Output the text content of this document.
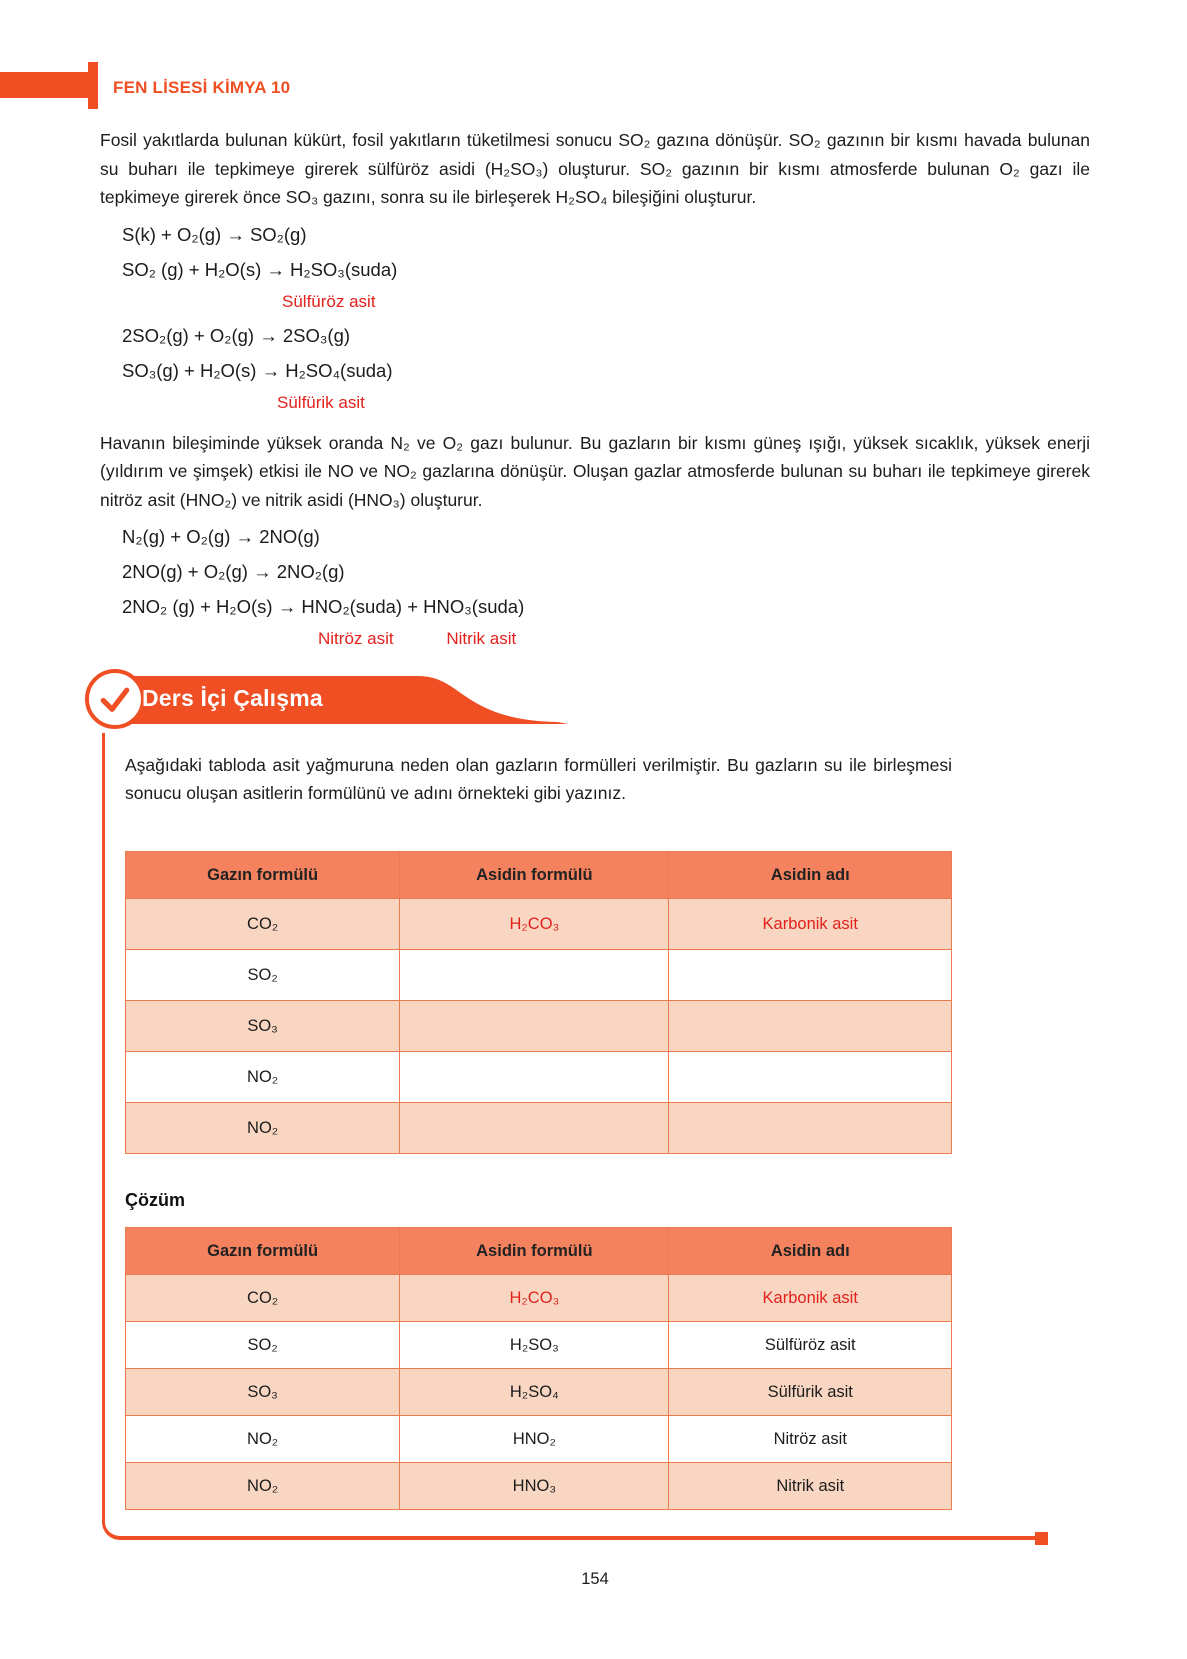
FEN LİSESİ KİMYA 10

Fosil yakıtlarda bulunan kükürt, fosil yakıtların tüketilmesi sonucu SO₂ gazına dönüşür. SO₂ gazının bir kısmı havada bulunan su buharı ile tepkimeye girerek sülfüröz asidi (H₂SO₃) oluşturur. SO₂ gazının bir kısmı atmosferde bulunan O₂ gazı ile tepkimeye girerek önce SO₃ gazını, sonra su ile birleşerek H₂SO₄ bileşiğini oluşturur.

S(k) + O₂(g) → SO₂(g)
SO₂ (g) + H₂O(s) → H₂SO₃(suda)
Sülfüröz asit
2SO₂(g) + O₂(g) → 2SO₃(g)
SO₃(g) + H₂O(s) → H₂SO₄(suda)
Sülfürik asit

Havanın bileşiminde yüksek oranda N₂ ve O₂ gazı bulunur. Bu gazların bir kısmı güneş ışığı, yüksek sıcaklık, yüksek enerji (yıldırım ve şimşek) etkisi ile NO ve NO₂ gazlarına dönüşür. Oluşan gazlar atmosferde bulunan su buharı ile tepkimeye girerek nitröz asit (HNO₂) ve nitrik asidi (HNO₃) oluşturur.

N₂(g) + O₂(g) → 2NO(g)
2NO(g) + O₂(g) → 2NO₂(g)
2NO₂ (g) + H₂O(s) → HNO₂(suda) + HNO₃(suda)
Nitröz asit	Nitrik asit
Ders İçi Çalışma

Aşağıdaki tabloda asit yağmuruna neden olan gazların formülleri verilmiştir. Bu gazların su ile birleşmesi sonucu oluşan asitlerin formülünü ve adını örnekteki gibi yazınız.

Gazın formülü	Asidin formülü	Asidin adı
CO₂	H₂CO₃	Karbonik asit
SO₂		
SO₃		
NO₂		
NO₂		
Çözüm
Gazın formülü	Asidin formülü	Asidin adı
CO₂	H₂CO₃	Karbonik asit
SO₂	H₂SO₃	Sülfüröz asit
SO₃	H₂SO₄	Sülfürik asit
NO₂	HNO₂	Nitröz asit
NO₂	HNO₃	Nitrik asit
154
